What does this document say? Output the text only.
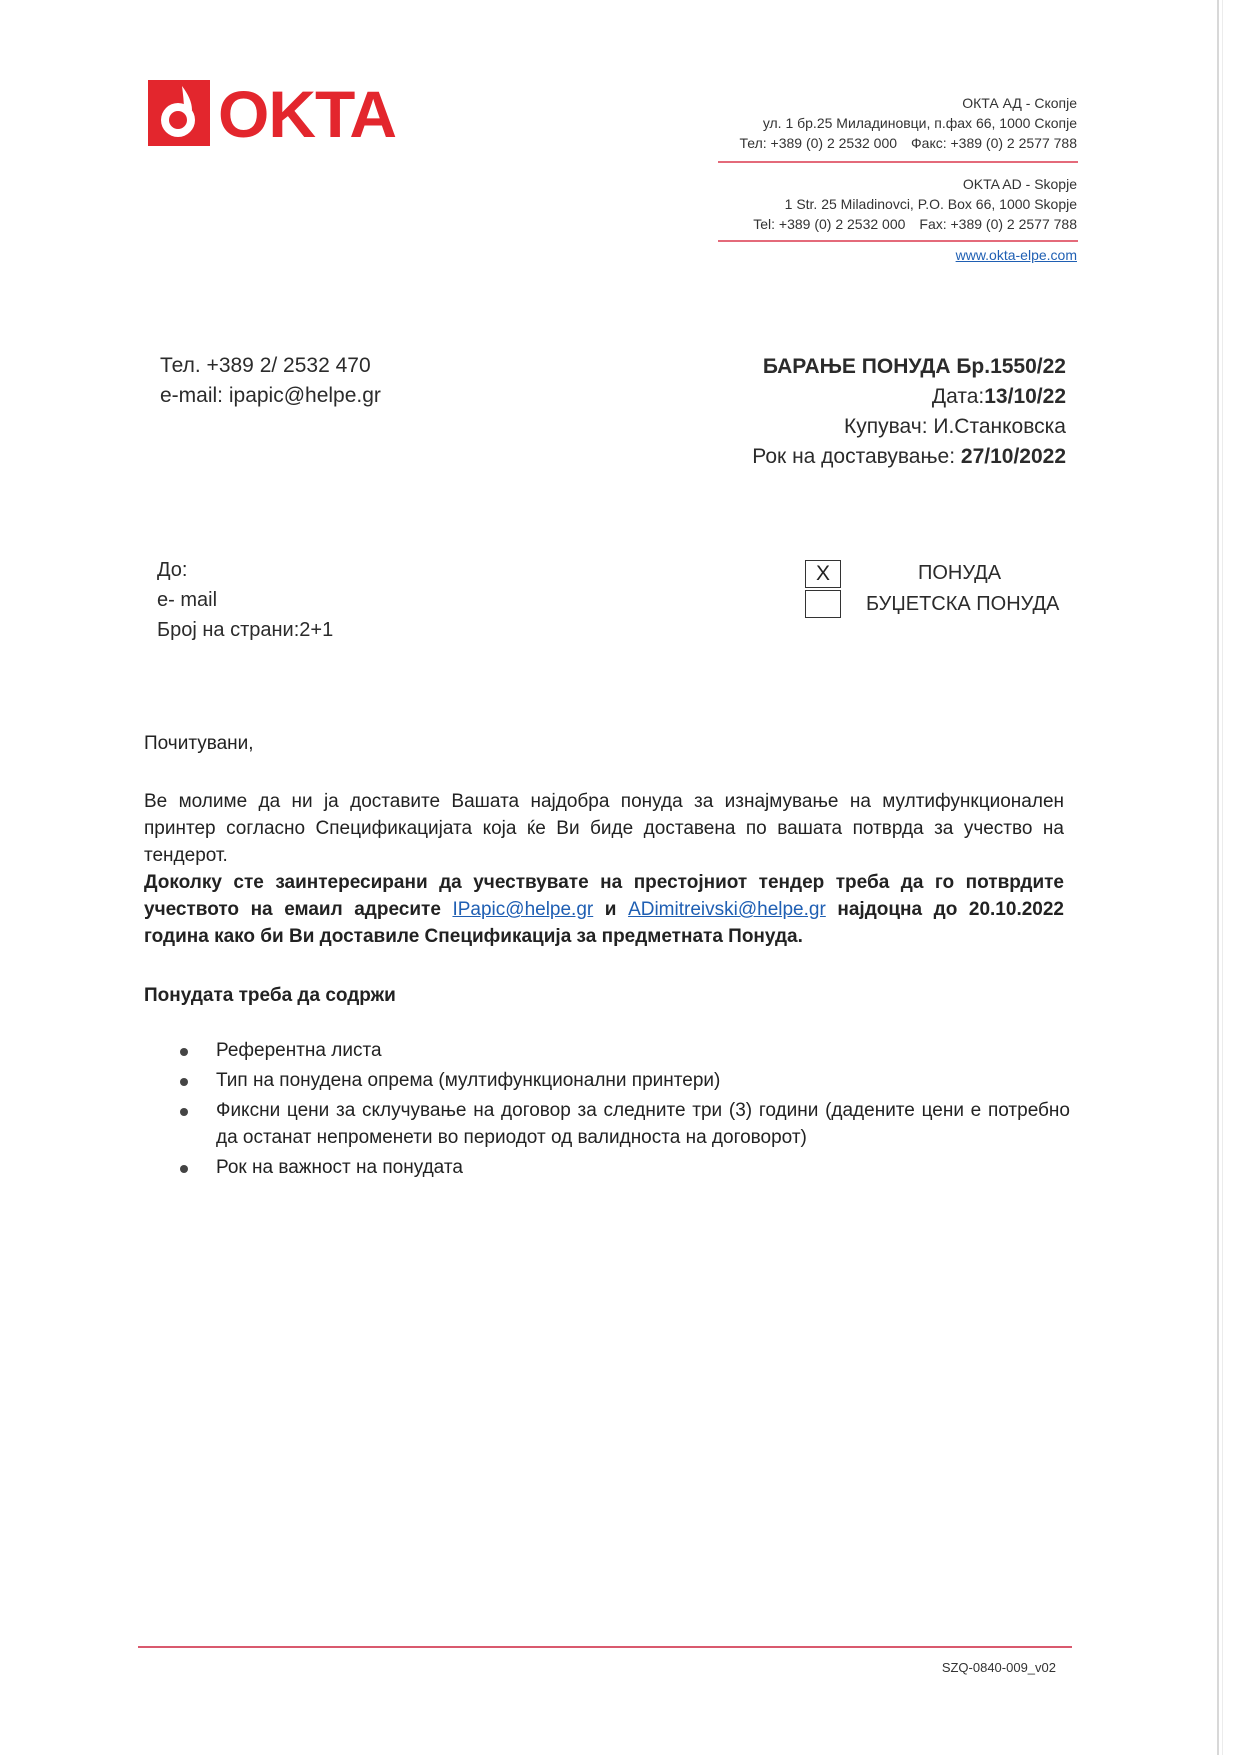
OKTA	ОКТА АД - Скопје
ул. 1 бр.25 Миладиновци, п.фах 66, 1000 Скопје
Тел: +389 (0) 2 2532 000 Факс: +389 (0) 2 2577 788
OKTA AD - Skopje
1 Str. 25 Miladinovci, P.O. Box 66, 1000 Skopje
Tel: +389 (0) 2 2532 000 Fax: +389 (0) 2 2577 788
www.okta-elpe.com
Тел. +389 2/ 2532 470
e-mail: ipapic@helpe.gr
БАРАЊЕ ПОНУДА Бр.1550/22
Дата:13/10/22
Купувач: И.Станковска
Рок на доставување: 27/10/2022
До:
e- mail
Број на страни:2+1
X	ПОНУДА
БУЏЕТСКА ПОНУДА
Почитувани,
Ве молиме да ни ја доставите Вашата најдобра понуда за изнајмување на мултифункционален принтер согласно Спецификацијата која ќе Ви биде доставена по вашата потврда за учество на тендерот.
Доколку сте заинтересирани да учествувате на престојниот тендер треба да го потврдите учеството на емаил адресите IPapic@helpe.gr и ADimitreivski@helpe.gr најдоцна до 20.10.2022 година како би Ви доставиле Спецификација за предметната Понуда.
Понудата треба да содржи
Референтна листа
Тип на понудена опрема (мултифункционални принтери)
Фиксни цени за склучување на договор за следните три (3) години (дадените цени е потребно да останат непроменети во периодот од валидноста на договорот)
Рок на важност на понудата
SZQ-0840-009_v02
